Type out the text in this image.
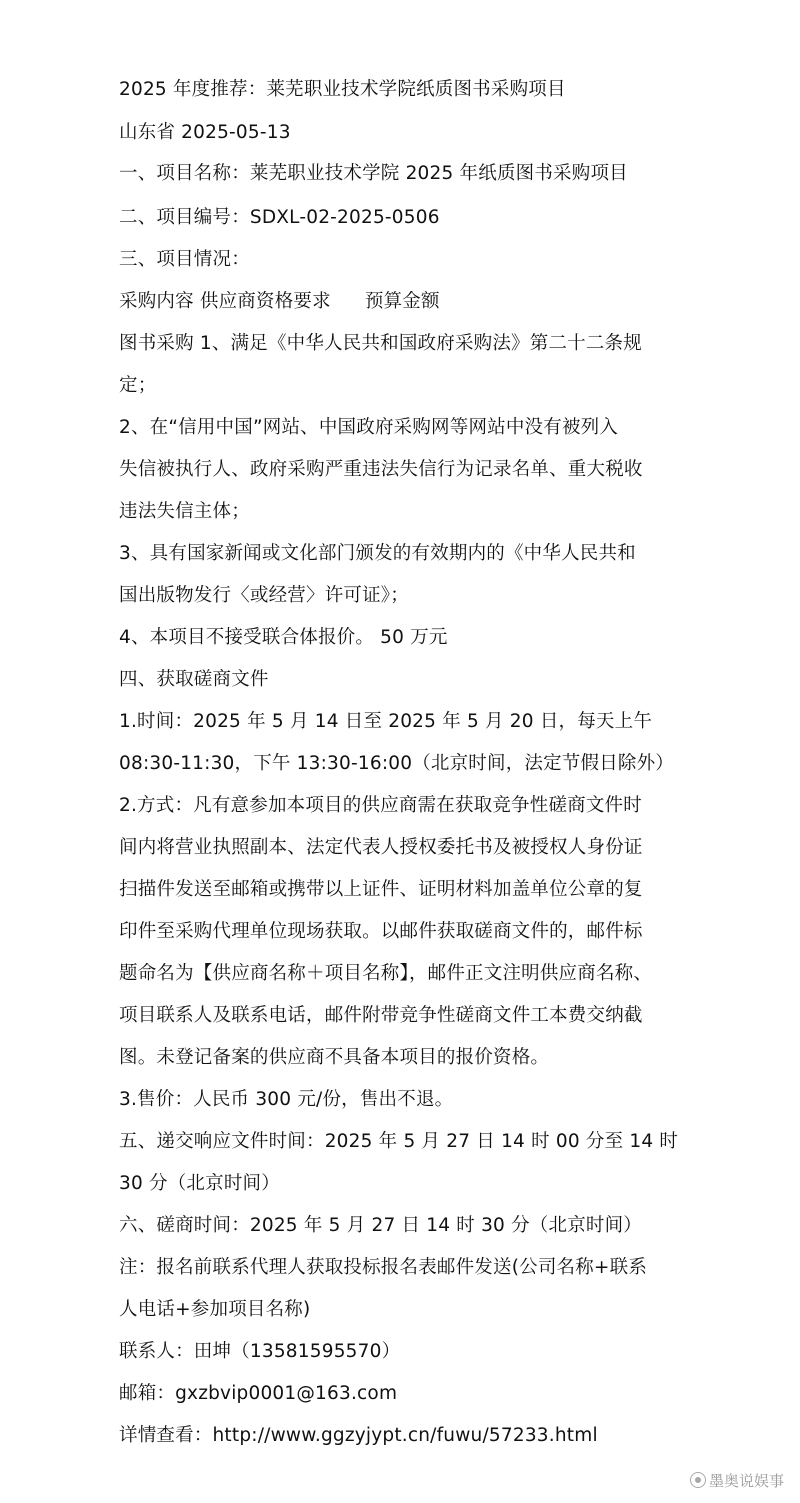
2025 年度推荐：莱芜职业技术学院纸质图书采购项目
山东省 2025-05-13
一、项目名称：莱芜职业技术学院 2025 年纸质图书采购项目
二、项目编号：SDXL-02-2025-0506
三、项目情况：
采购内容 供应商资格要求 预算金额
图书采购 1、满足《中华人民共和国政府采购法》第二十二条规
定；
2、在“信用中国”网站、中国政府采购网等网站中没有被列入
失信被执行人、政府采购严重违法失信行为记录名单、重大税收
违法失信主体；
3、具有国家新闻或文化部门颁发的有效期内的《中华人民共和
国出版物发行〈或经营〉许可证》；
4、本项目不接受联合体报价。 50 万元
四、获取磋商文件
1.时间：2025 年 5 月 14 日至 2025 年 5 月 20 日，每天上午
08:30-11:30，下午 13:30-16:00（北京时间，法定节假日除外）
2.方式：凡有意参加本项目的供应商需在获取竞争性磋商文件时
间内将营业执照副本、法定代表人授权委托书及被授权人身份证
扫描件发送至邮箱或携带以上证件、证明材料加盖单位公章的复
印件至采购代理单位现场获取。以邮件获取磋商文件的，邮件标
题命名为【供应商名称＋项目名称】，邮件正文注明供应商名称、
项目联系人及联系电话，邮件附带竞争性磋商文件工本费交纳截
图。未登记备案的供应商不具备本项目的报价资格。
3.售价：人民币 300 元/份，售出不退。
五、递交响应文件时间：2025 年 5 月 27 日 14 时 00 分至 14 时
30 分（北京时间）
六、磋商时间：2025 年 5 月 27 日 14 时 30 分（北京时间）
注：报名前联系代理人获取投标报名表邮件发送(公司名称+联系
人电话+参加项目名称)
联系人：田坤（13581595570）
邮箱：gxzbvip0001@163.com
详情查看：http://www.ggzyjypt.cn/fuwu/57233.html
墨奥说娱事
